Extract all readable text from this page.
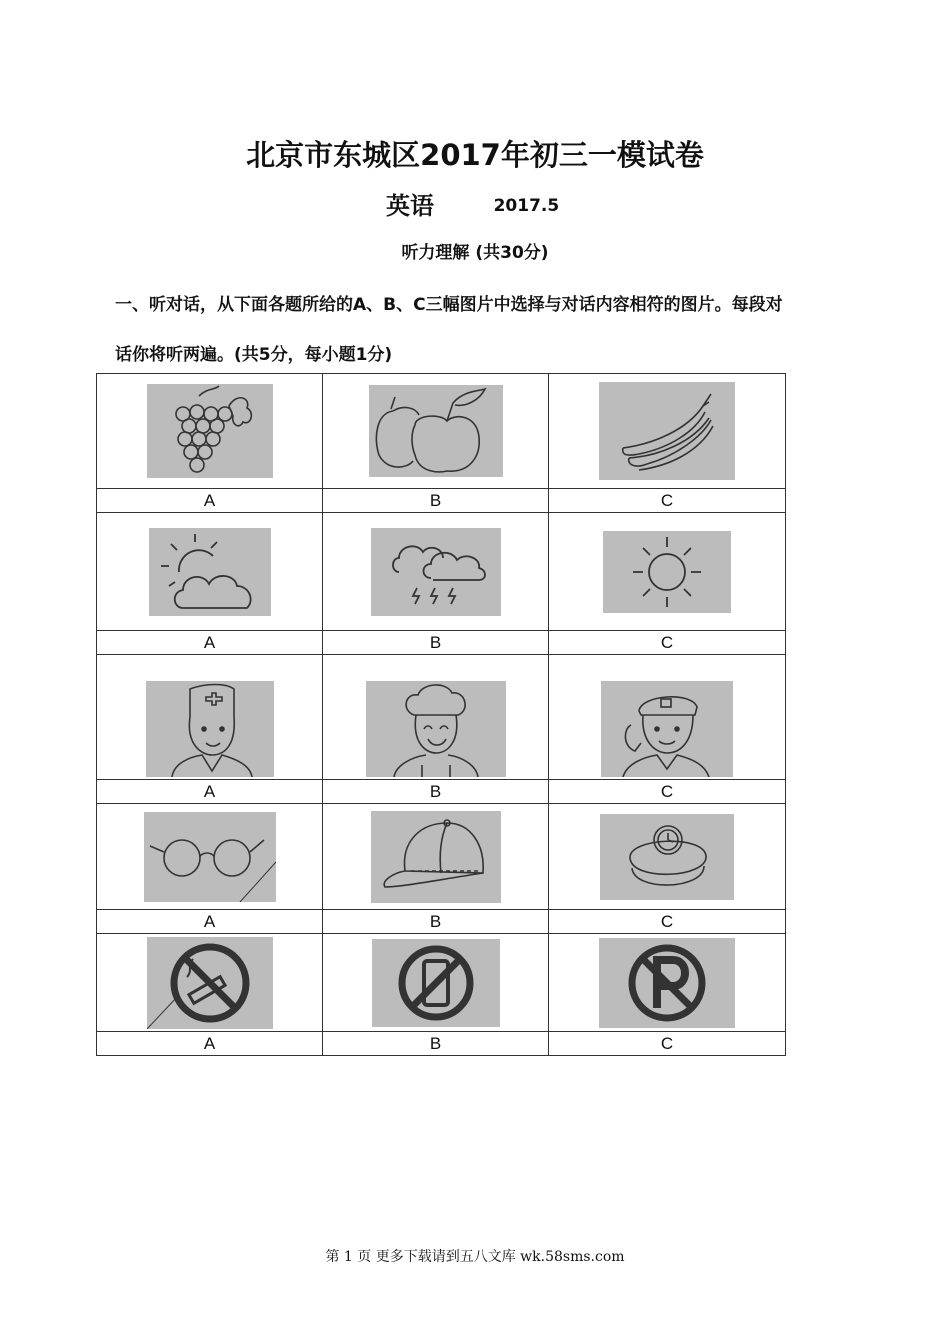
北京市东城区2017年初三一模试卷
英语	2017.5
听力理解 (共30分)
一、听对话，从下面各题所给的A、B、C三幅图片中选择与对话内容相符的图片。每段对
话你将听两遍。(共5分，每小题1分)

A	B	C

A	B	C

A	B	C

A	B	C

A	B	C
第 1 页 更多下载请到五八文库 wk.58sms.com
